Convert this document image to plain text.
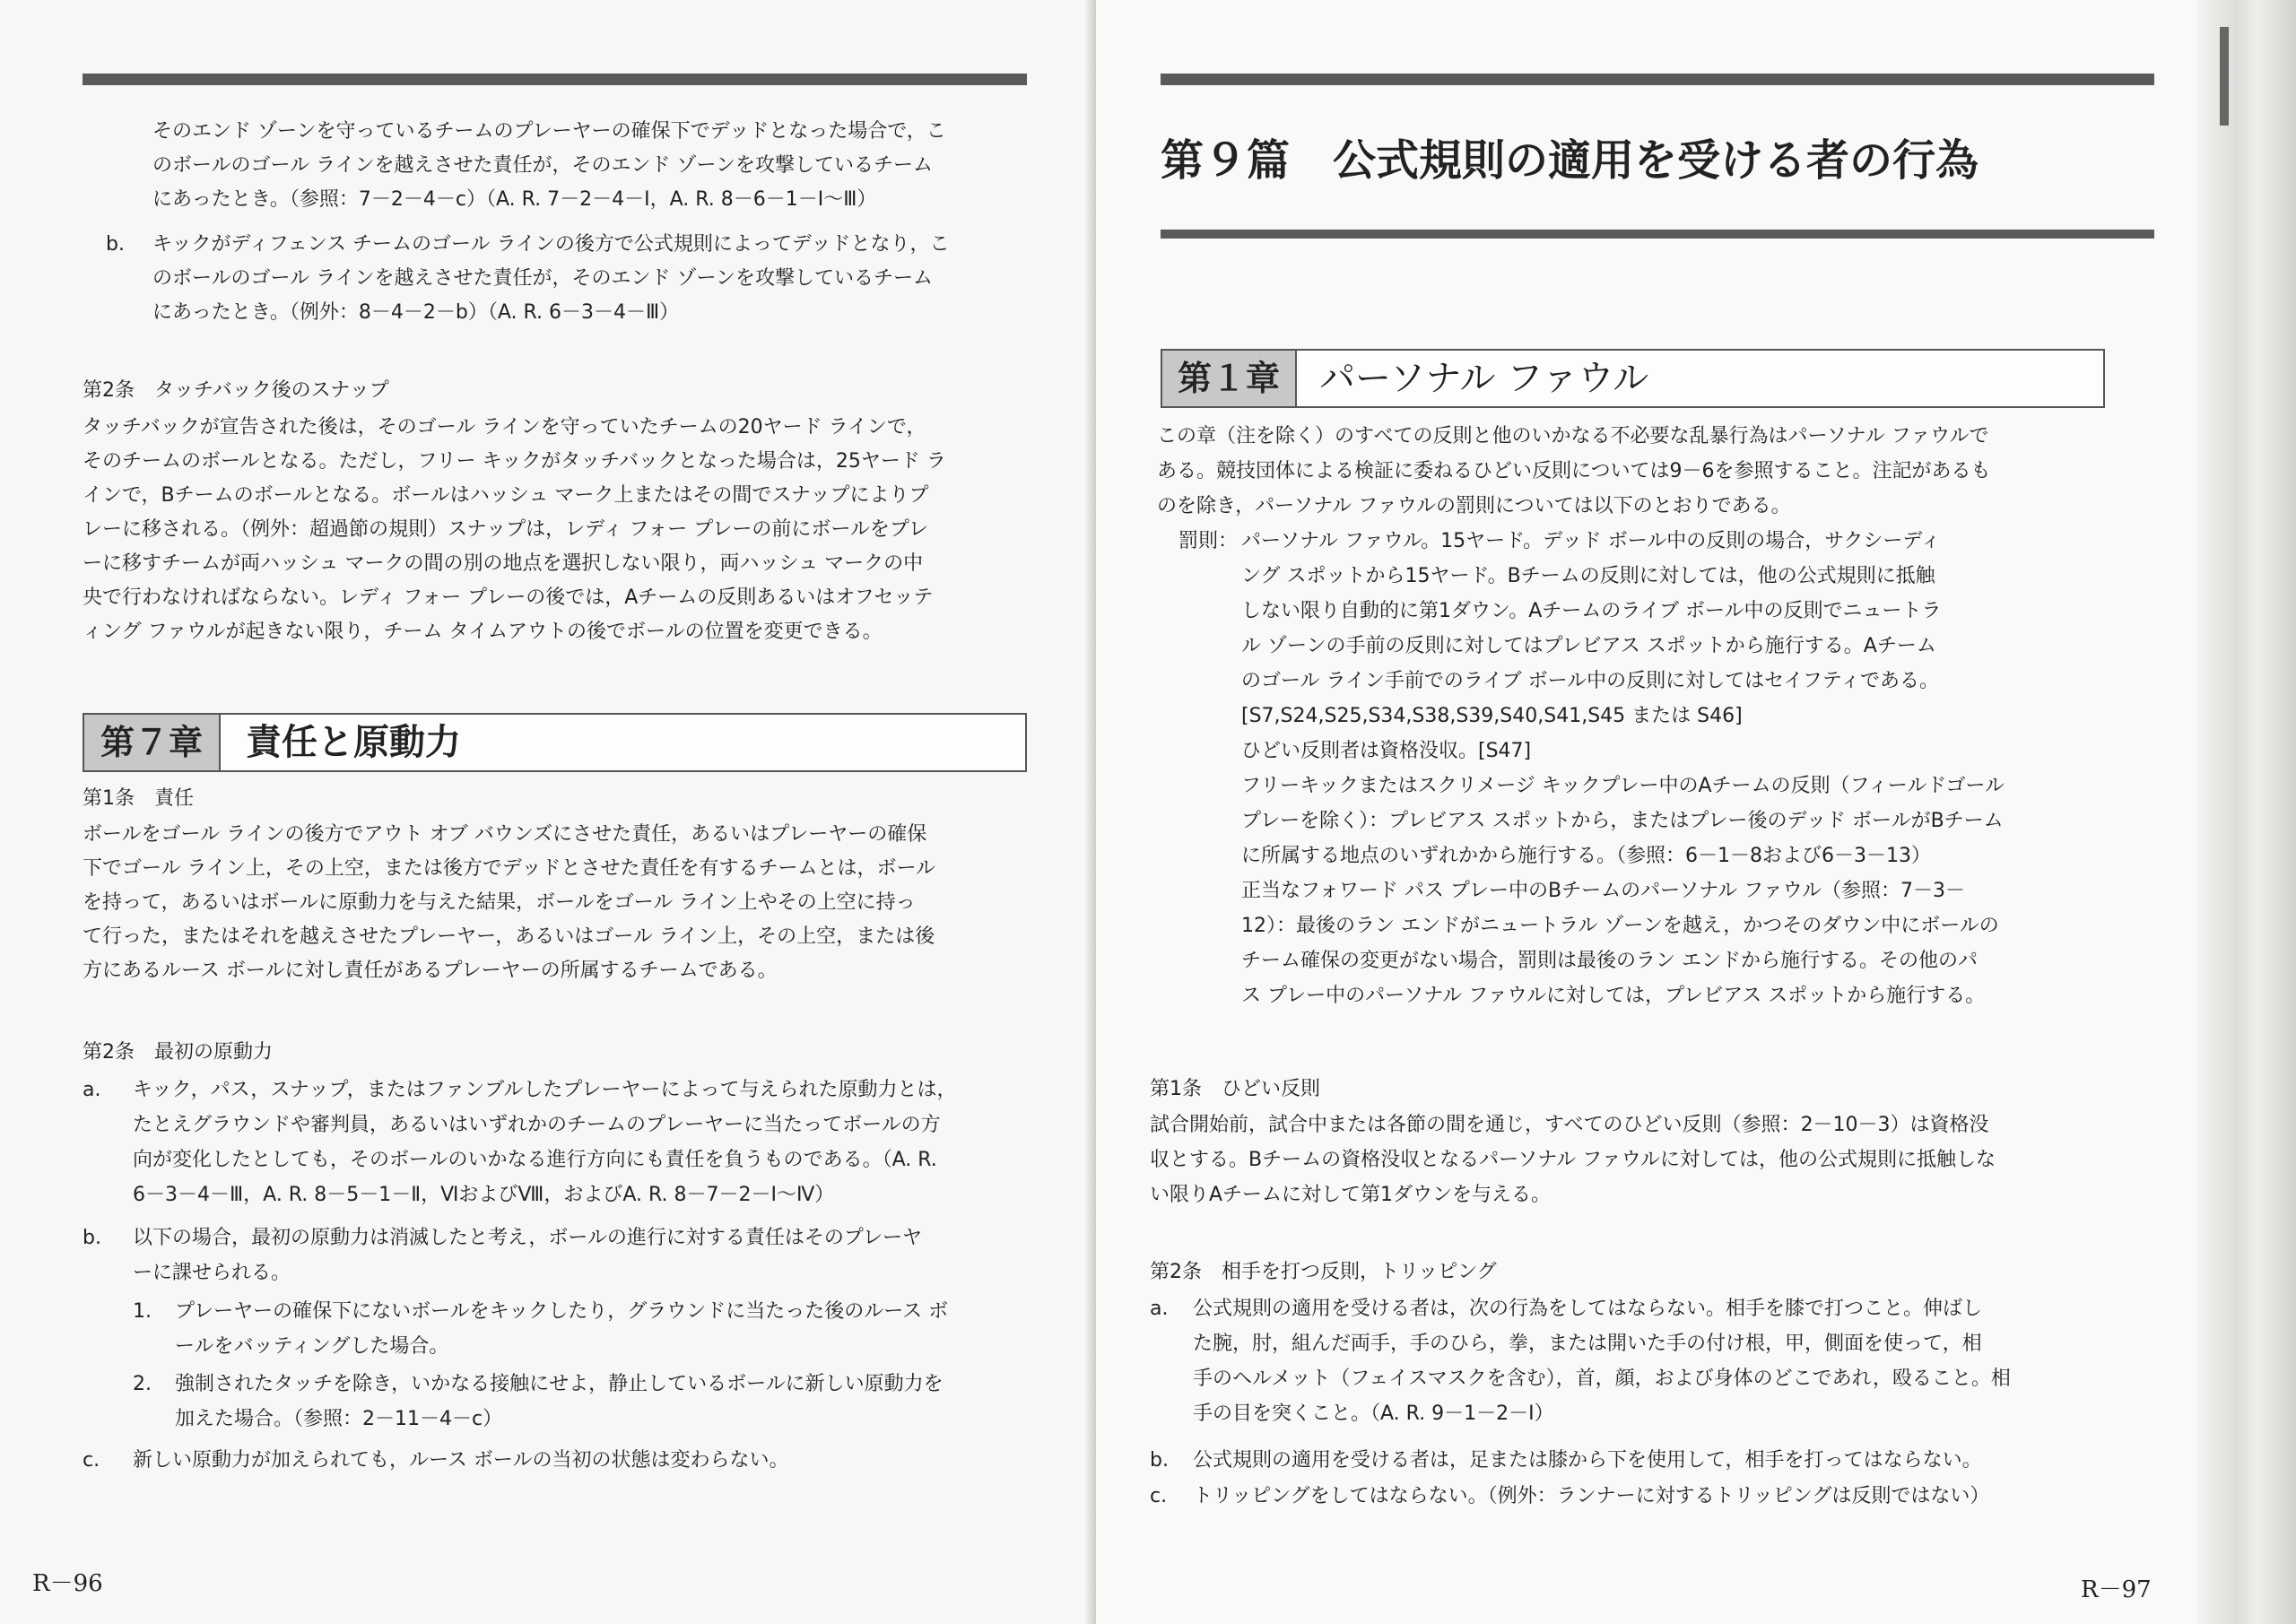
そのエンド ゾーンを守っているチームのプレーヤーの確保下でデッドとなった場合で，こ
のボールのゴール ラインを越えさせた責任が，そのエンド ゾーンを攻撃しているチーム
にあったとき。（参照：7－2－4－c）（A. R. 7－2－4－Ⅰ，A. R. 8－6－1－Ⅰ～Ⅲ）
b. キックがディフェンス チームのゴール ラインの後方で公式規則によってデッドとなり，こ
のボールのゴール ラインを越えさせた責任が，そのエンド ゾーンを攻撃しているチーム
にあったとき。（例外：8－4－2－b）（A. R. 6－3－4－Ⅲ）
第2条　タッチバック後のスナップ
タッチバックが宣告された後は，そのゴール ラインを守っていたチームの20ヤード ラインで，
そのチームのボールとなる。ただし，フリー キックがタッチバックとなった場合は，25ヤード ラ
インで，Bチームのボールとなる。ボールはハッシュ マーク上またはその間でスナップによりプ
レーに移される。（例外：超過節の規則）スナップは，レディ フォー プレーの前にボールをプレ
ーに移すチームが両ハッシュ マークの間の別の地点を選択しない限り，両ハッシュ マークの中
央で行わなければならない。レディ フォー プレーの後では，Aチームの反則あるいはオフセッテ
ィング ファウルが起きない限り，チーム タイムアウトの後でボールの位置を変更できる。
第７章	責任と原動力
第1条　責任
ボールをゴール ラインの後方でアウト オブ バウンズにさせた責任，あるいはプレーヤーの確保
下でゴール ライン上，その上空，または後方でデッドとさせた責任を有するチームとは，ボール
を持って，あるいはボールに原動力を与えた結果，ボールをゴール ライン上やその上空に持っ
て行った，またはそれを越えさせたプレーヤー，あるいはゴール ライン上，その上空，または後
方にあるルース ボールに対し責任があるプレーヤーの所属するチームである。
第2条　最初の原動力
a. キック，パス，スナップ，またはファンブルしたプレーヤーによって与えられた原動力とは，
たとえグラウンドや審判員，あるいはいずれかのチームのプレーヤーに当たってボールの方
向が変化したとしても，そのボールのいかなる進行方向にも責任を負うものである。（A. R.
6－3－4－Ⅲ，A. R. 8－5－1－Ⅱ，ⅥおよびⅧ，およびA. R. 8－7－2－Ⅰ～Ⅳ）
b. 以下の場合，最初の原動力は消滅したと考え，ボールの進行に対する責任はそのプレーヤ
ーに課せられる。
1. プレーヤーの確保下にないボールをキックしたり，グラウンドに当たった後のルース ボ
ールをバッティングした場合。
2. 強制されたタッチを除き，いかなる接触にせよ，静止しているボールに新しい原動力を
加えた場合。（参照：2－11－4－c）
c. 新しい原動力が加えられても，ルース ボールの当初の状態は変わらない。
R－96
第９篇　公式規則の適用を受ける者の行為
第１章	パーソナル ファウル
この章（注を除く）のすべての反則と他のいかなる不必要な乱暴行為はパーソナル ファウルで
ある。競技団体による検証に委ねるひどい反則については9－6を参照すること。注記があるも
のを除き，パーソナル ファウルの罰則については以下のとおりである。
罰則： パーソナル ファウル。15ヤード。デッド ボール中の反則の場合，サクシーディ
ング スポットから15ヤード。Bチームの反則に対しては，他の公式規則に抵触
しない限り自動的に第1ダウン。Aチームのライブ ボール中の反則でニュートラ
ル ゾーンの手前の反則に対してはプレビアス スポットから施行する。Aチーム
のゴール ライン手前でのライブ ボール中の反則に対してはセイフティである。
[S7,S24,S25,S34,S38,S39,S40,S41,S45 または S46]
ひどい反則者は資格没収。[S47]
フリーキックまたはスクリメージ キックプレー中のAチームの反則（フィールドゴール
プレーを除く）：プレビアス スポットから，またはプレー後のデッド ボールがBチーム
に所属する地点のいずれかから施行する。（参照：6－1－8および6－3－13）
正当なフォワード パス プレー中のBチームのパーソナル ファウル（参照：7－3－
12）：最後のラン エンドがニュートラル ゾーンを越え，かつそのダウン中にボールの
チーム確保の変更がない場合，罰則は最後のラン エンドから施行する。その他のパ
ス プレー中のパーソナル ファウルに対しては，プレビアス スポットから施行する。
第1条　ひどい反則
試合開始前，試合中または各節の間を通じ，すべてのひどい反則（参照：2－10－3）は資格没
収とする。Bチームの資格没収となるパーソナル ファウルに対しては，他の公式規則に抵触しな
い限りAチームに対して第1ダウンを与える。
第2条　相手を打つ反則，トリッピング
a. 公式規則の適用を受ける者は，次の行為をしてはならない。相手を膝で打つこと。伸ばし
た腕，肘，組んだ両手，手のひら，拳，または開いた手の付け根，甲，側面を使って，相
手のヘルメット（フェイスマスクを含む），首，顔，および身体のどこであれ，殴ること。相
手の目を突くこと。（A. R. 9－1－2－Ⅰ）
b. 公式規則の適用を受ける者は，足または膝から下を使用して，相手を打ってはならない。
c. トリッピングをしてはならない。（例外：ランナーに対するトリッピングは反則ではない）
R－97
